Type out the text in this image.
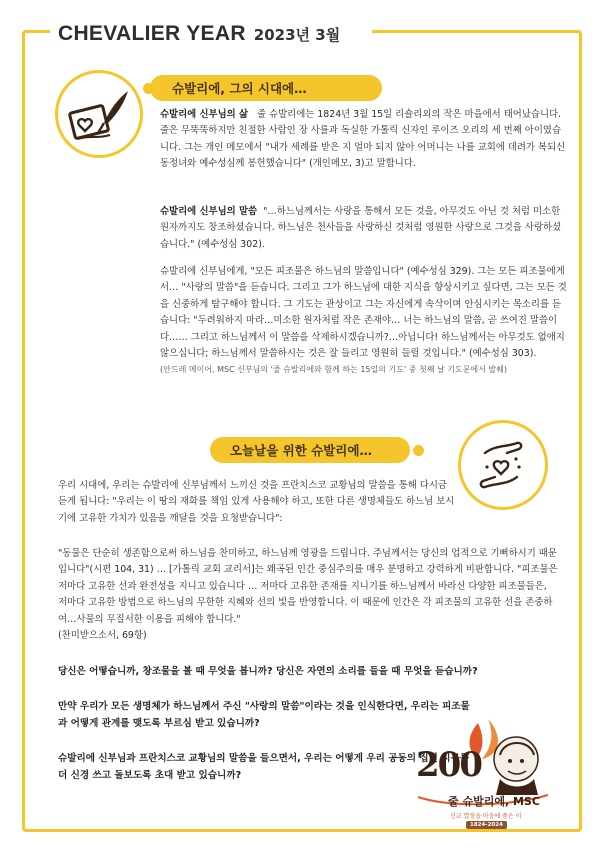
CHEVALIER YEAR 2023년 3월
슈발리에, 그의 시대에…
슈발리에 신부님의 삶 줄 슈발리에는 1824년 3월 15일 리숄리외의 작은 마을에서 태어났습니다. 줄은 무뚝뚝하지만 친절한 사람인 장 사를과 독실한 가톨릭 신자인 루이즈 오리의 세 번째 아이였습니다. 그는 개인 메모에서 "내가 세례를 받은 지 얼마 되지 않아 어머니는 나를 교회에 데려가 복되신 동정녀와 예수성심께 봉헌했습니다" (개인메모, 3)고 말합니다.
슈발리에 신부님의 말씀 "…하느님께서는 사랑을 통해서 모든 것을, 아무것도 아닌 것 처럼 미소한 원자까지도 창조하셨습니다. 하느님은 천사들을 사랑하신 것처럼 영원한 사랑으로 그것을 사랑하셨습니다." (예수성심 302).
슈발리에 신부님에게, "모든 피조물은 하느님의 말씀입니다" (예수성심 329). 그는 모든 피조물에게서… "사랑의 말씀"을 듣습니다. 그리고 그가 하느님에 대한 지식을 향상시키고 싶다면, 그는 모든 것을 신중하게 탐구해야 합니다. 그 기도는 관상이고 그는 자신에게 속삭이며 안심시키는 목소리를 듣습니다: "두려워하지 마라…미소한 원자처럼 작은 존재야… 너는 하느님의 말씀, 곧 쓰여진 말씀이다…… 그리고 하느님께서 이 말씀을 삭제하시겠습니까?…아닙니다! 하느님께서는 아무것도 없애지 않으십니다; 하느님께서 말씀하시는 것은 잘 들리고 영원히 들릴 것입니다." (예수성심 303).
(안드레 메이어, MSC 신부님의 '줄 슈발리에와 함께 하는 15일의 기도' 중 첫째 날 기도문에서 발췌)
오늘날을 위한 슈발리에…
우리 시대에, 우리는 슈발리에 신부님께서 느끼신 것을 프란치스코 교황님의 말씀을 통해 다시금 듣게 됩니다: "우리는 이 땅의 재화를 책임 있게 사용해야 하고, 또한 다른 생명체들도 하느님 보시기에 고유한 가치가 있음을 깨달을 것을 요청받습니다":
"동물은 단순히 생존함으로써 하느님을 찬미하고, 하느님께 영광을 드립니다. 주님께서는 당신의 업적으로 기뻐하시기 때문입니다"(시편 104, 31) … [가톨릭 교회 교리서]는 왜곡된 인간 중심주의를 매우 분명하고 강력하게 비판합니다. "피조물은 저마다 고유한 선과 완전성을 지니고 있습니다 … 저마다 고유한 존재를 지니기를 하느님께서 바라신 다양한 피조물들은, 저마다 고유한 방법으로 하느님의 무한한 지혜와 선의 빛을 반영합니다. 이 때문에 인간은 각 피조물의 고유한 선을 존중하여…사물의 무질서한 이용을 피해야 합니다."
(찬미받으소서, 69항)
당신은 어떻습니까, 창조물을 볼 때 무엇을 봅니까? 당신은 자연의 소리를 들을 때 무엇을 듣습니까?
만약 우리가 모든 생명체가 하느님께서 주신 "사랑의 말씀"이라는 것을 인식한다면, 우리는 피조물과 어떻게 관계를 맺도록 부르심 받고 있습니까?
슈발리에 신부님과 프란치스코 교황님의 말씀을 들으면서, 우리는 어떻게 우리 공동의 집인 지구를 더 신경 쓰고 돌보도록 초대 받고 있습니까?	200
줄 슈발리에, MSC
신교 열정을 마음에 품은 이
1824-2024
